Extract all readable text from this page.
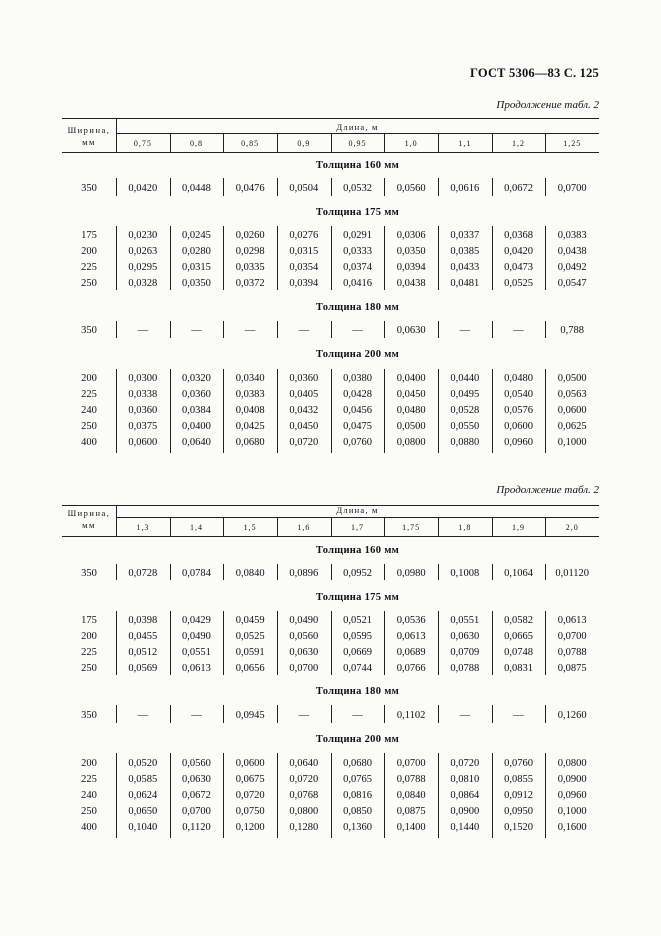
ГОСТ 5306—83 С. 125
Продолжение табл. 2
Ширина,
мм
Длина, м
0,75	0,8	0,85	0,9	0,95	1,0	1,1	1,2	1,25
Толщина 160 мм
350	0,0420	0,0448	0,0476	0,0504	0,0532	0,0560	0,0616	0,0672	0,0700
Толщина 175 мм
175	0,0230	0,0245	0,0260	0,0276	0,0291	0,0306	0,0337	0,0368	0,0383
200	0,0263	0,0280	0,0298	0,0315	0,0333	0,0350	0,0385	0,0420	0,0438
225	0,0295	0,0315	0,0335	0,0354	0,0374	0,0394	0,0433	0,0473	0,0492
250	0,0328	0,0350	0,0372	0,0394	0,0416	0,0438	0,0481	0,0525	0,0547
Толщина 180 мм
350	—	—	—	—	—	0,0630	—	—	0,788
Толщина 200 мм
200	0,0300	0,0320	0,0340	0,0360	0,0380	0,0400	0,0440	0,0480	0,0500
225	0,0338	0,0360	0,0383	0,0405	0,0428	0,0450	0,0495	0,0540	0,0563
240	0,0360	0,0384	0,0408	0,0432	0,0456	0,0480	0,0528	0,0576	0,0600
250	0,0375	0,0400	0,0425	0,0450	0,0475	0,0500	0,0550	0,0600	0,0625
400	0,0600	0,0640	0,0680	0,0720	0,0760	0,0800	0,0880	0,0960	0,1000
Продолжение табл. 2
Ширина,
мм
Длина, м
1,3	1,4	1,5	1,6	1,7	1,75	1,8	1,9	2,0
Толщина 160 мм
350	0,0728	0,0784	0,0840	0,0896	0,0952	0,0980	0,1008	0,1064	0,01120
Толщина 175 мм
175	0,0398	0,0429	0,0459	0,0490	0,0521	0,0536	0,0551	0,0582	0,0613
200	0,0455	0,0490	0,0525	0,0560	0,0595	0,0613	0,0630	0,0665	0,0700
225	0,0512	0,0551	0,0591	0,0630	0,0669	0,0689	0,0709	0,0748	0,0788
250	0,0569	0,0613	0,0656	0,0700	0,0744	0,0766	0,0788	0,0831	0,0875
Толщина 180 мм
350	—	—	0,0945	—	—	0,1102	—	—	0,1260
Толщина 200 мм
200	0,0520	0,0560	0,0600	0,0640	0,0680	0,0700	0,0720	0,0760	0,0800
225	0,0585	0,0630	0,0675	0,0720	0,0765	0,0788	0,0810	0,0855	0,0900
240	0,0624	0,0672	0,0720	0,0768	0,0816	0,0840	0,0864	0,0912	0,0960
250	0,0650	0,0700	0,0750	0,0800	0,0850	0,0875	0,0900	0,0950	0,1000
400	0,1040	0,1120	0,1200	0,1280	0,1360	0,1400	0,1440	0,1520	0,1600
